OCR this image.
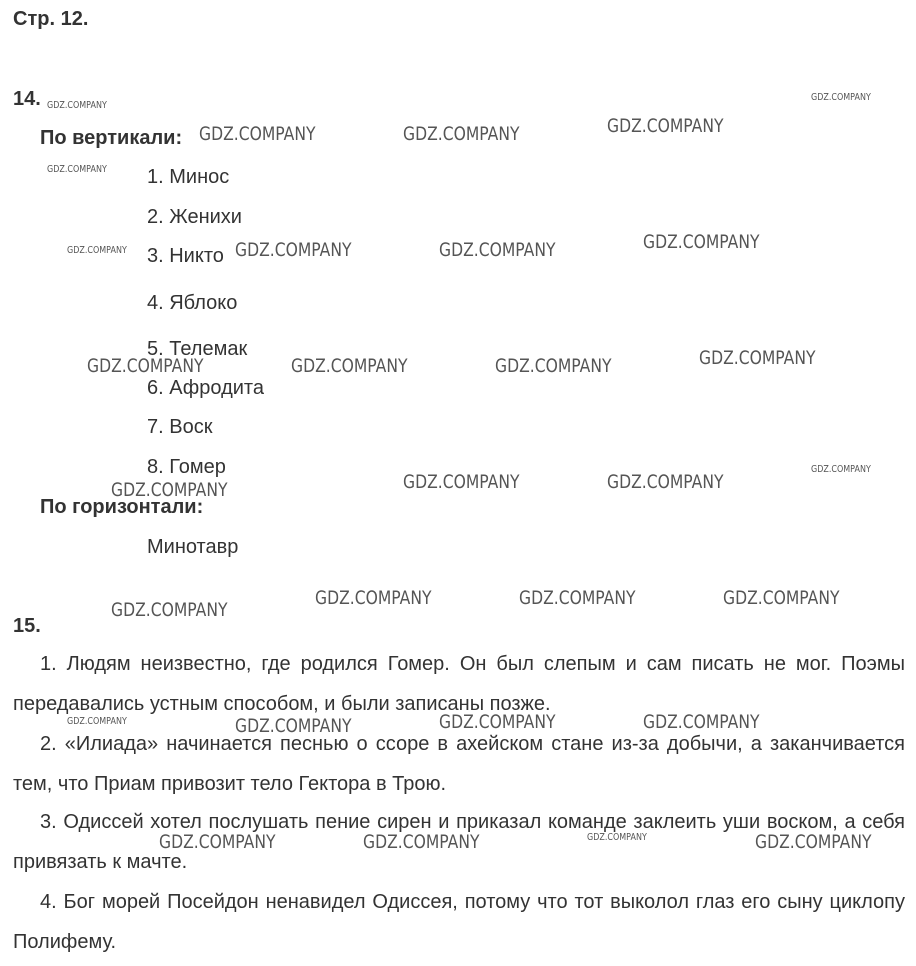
Стр. 12.
14.
По вертикали:
1. Минос
2. Женихи
3. Никто
4. Яблоко
5. Телемак
6. Афродита
7. Воск
8. Гомер
По горизонтали:
Минотавр
15.
1. Людям неизвестно, где родился Гомер. Он был слепым и сам писать не мог. Поэмы передавались устным способом, и были записаны позже.
2. «Илиада» начинается песнью о ссоре в ахейском стане из-за добычи, а заканчивается тем, что Приам привозит тело Гектора в Трою.
3. Одиссей хотел послушать пение сирен и приказал команде заклеить уши воском, а себя привязать к мачте.
4. Бог морей Посейдон ненавидел Одиссея, потому что тот выколол глаз его сыну циклопу Полифему.
GDZ.COMPANY
GDZ.COMPANY
GDZ.COMPANY
GDZ.COMPANY
GDZ.COMPANY
GDZ.COMPANY
GDZ.COMPANY
GDZ.COMPANY	GDZ.COMPANY	GDZ.COMPANY
GDZ.COMPANY	GDZ.COMPANY	GDZ.COMPANY
GDZ.COMPANY	GDZ.COMPANY	GDZ.COMPANY	GDZ.COMPANY
GDZ.COMPANY	GDZ.COMPANY	GDZ.COMPANY
GDZ.COMPANY
GDZ.COMPANY	GDZ.COMPANY	GDZ.COMPANY
GDZ.COMPANY	GDZ.COMPANY	GDZ.COMPANY
GDZ.COMPANY	GDZ.COMPANY	GDZ.COMPANY
